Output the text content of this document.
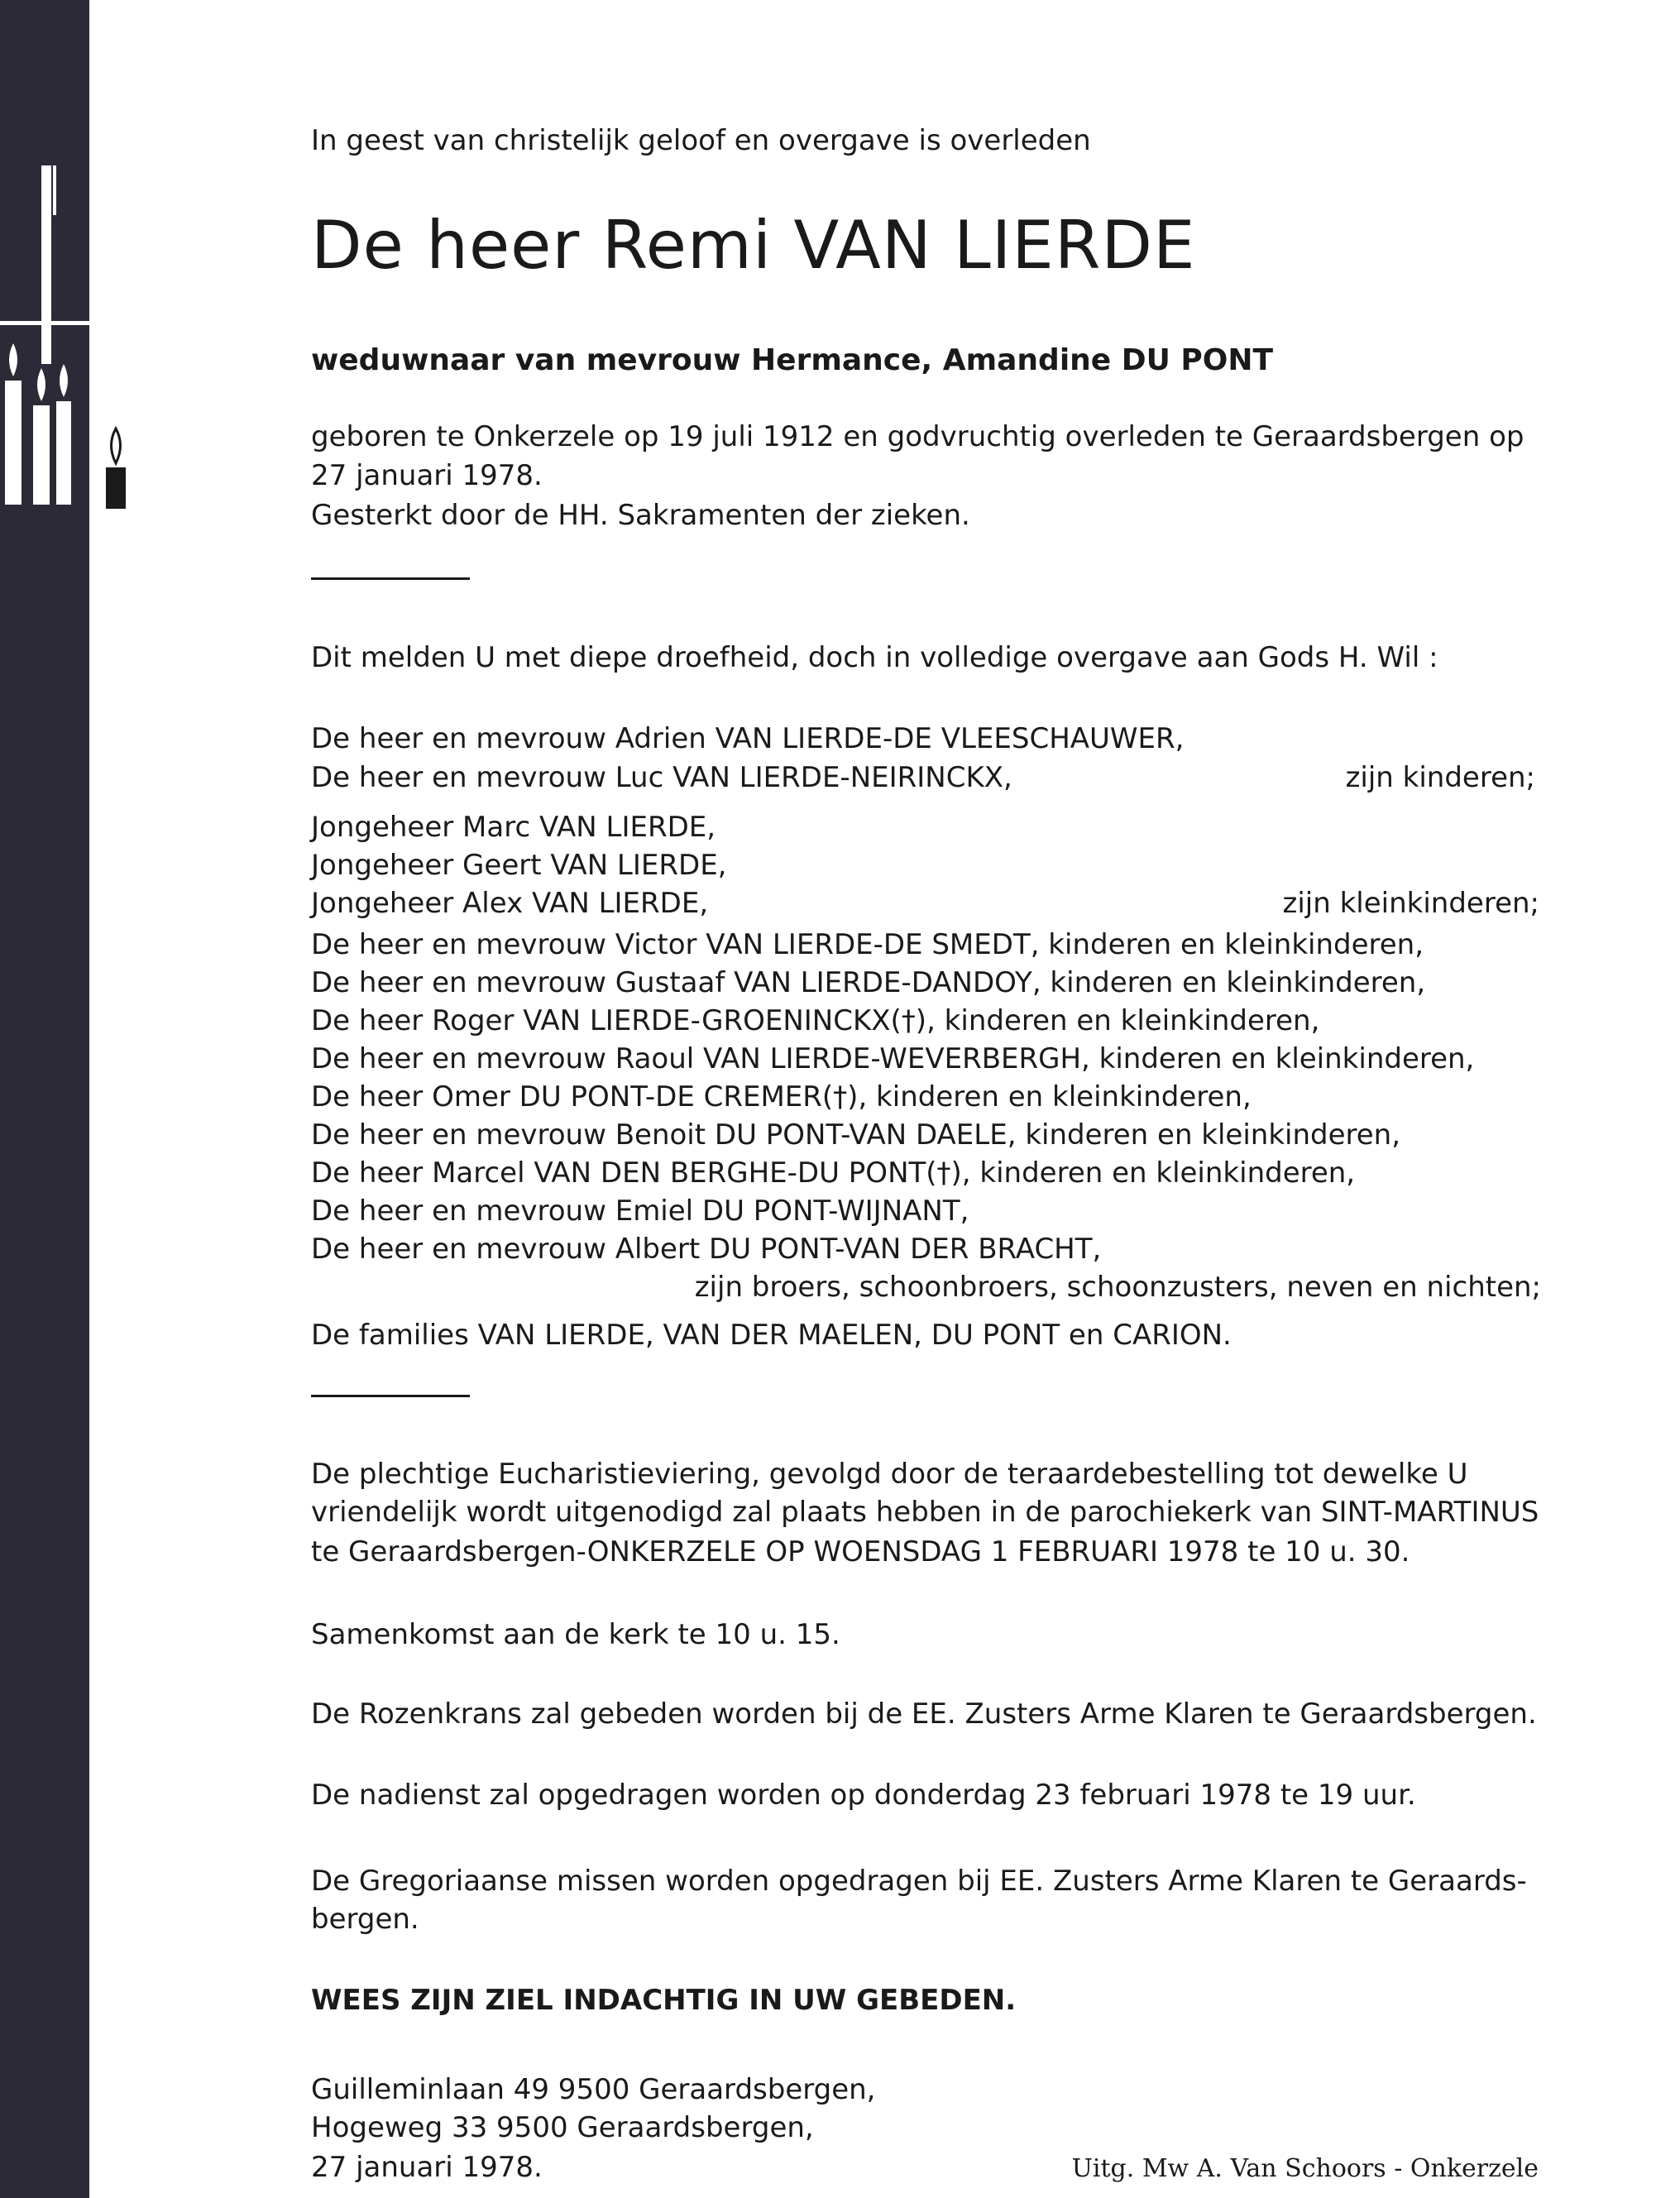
In geest van christelijk geloof en overgave is overleden
De heer Remi VAN LIERDE
weduwnaar van mevrouw Hermance, Amandine DU PONT
geboren te Onkerzele op 19 juli 1912 en godvruchtig overleden te Geraardsbergen op
27 januari 1978.
Gesterkt door de HH. Sakramenten der zieken.
Dit melden U met diepe droefheid, doch in volledige overgave aan Gods H. Wil :
De heer en mevrouw Adrien VAN LIERDE-DE VLEESCHAUWER,
De heer en mevrouw Luc VAN LIERDE-NEIRINCKX,	zijn kinderen;
Jongeheer Marc VAN LIERDE,
Jongeheer Geert VAN LIERDE,
Jongeheer Alex VAN LIERDE,	zijn kleinkinderen;
De heer en mevrouw Victor VAN LIERDE-DE SMEDT, kinderen en kleinkinderen,
De heer en mevrouw Gustaaf VAN LIERDE-DANDOY, kinderen en kleinkinderen,
De heer Roger VAN LIERDE-GROENINCKX(†), kinderen en kleinkinderen,
De heer en mevrouw Raoul VAN LIERDE-WEVERBERGH, kinderen en kleinkinderen,
De heer Omer DU PONT-DE CREMER(†), kinderen en kleinkinderen,
De heer en mevrouw Benoit DU PONT-VAN DAELE, kinderen en kleinkinderen,
De heer Marcel VAN DEN BERGHE-DU PONT(†), kinderen en kleinkinderen,
De heer en mevrouw Emiel DU PONT-WIJNANT,
De heer en mevrouw Albert DU PONT-VAN DER BRACHT,
zijn broers, schoonbroers, schoonzusters, neven en nichten;
De families VAN LIERDE, VAN DER MAELEN, DU PONT en CARION.
De plechtige Eucharistieviering, gevolgd door de teraardebestelling tot dewelke U
vriendelijk wordt uitgenodigd zal plaats hebben in de parochiekerk van SINT-MARTINUS
te Geraardsbergen-ONKERZELE OP WOENSDAG 1 FEBRUARI 1978 te 10 u. 30.
Samenkomst aan de kerk te 10 u. 15.
De Rozenkrans zal gebeden worden bij de EE. Zusters Arme Klaren te Geraardsbergen.
De nadienst zal opgedragen worden op donderdag 23 februari 1978 te 19 uur.
De Gregoriaanse missen worden opgedragen bij EE. Zusters Arme Klaren te Geraards-
bergen.
WEES ZIJN ZIEL INDACHTIG IN UW GEBEDEN.
Guilleminlaan 49 9500 Geraardsbergen,
Hogeweg 33 9500 Geraardsbergen,
27 januari 1978.	Uitg. Mw A. Van Schoors - Onkerzele
